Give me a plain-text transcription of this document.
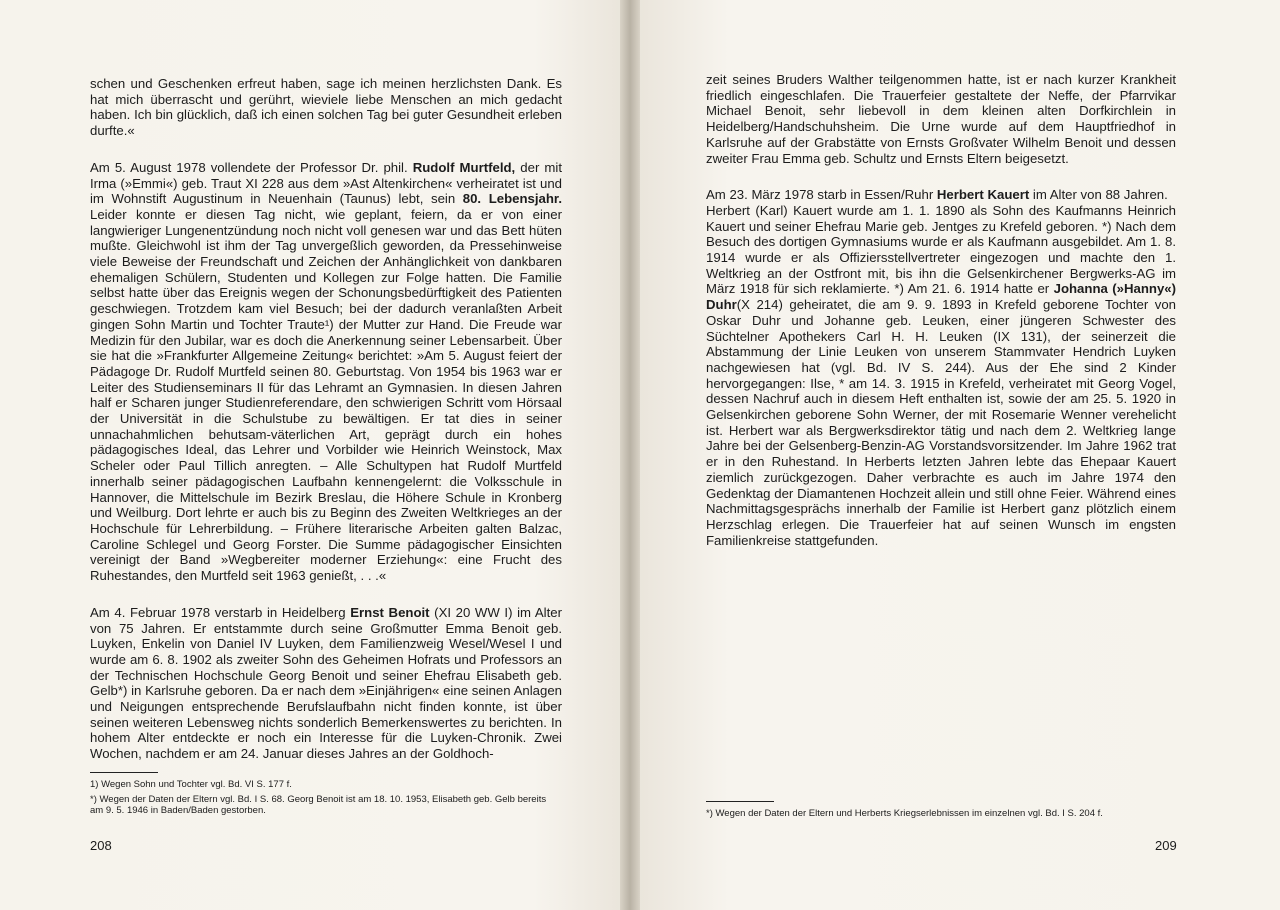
schen und Geschenken erfreut haben, sage ich meinen herzlichsten Dank. Es hat mich überrascht und gerührt, wieviele liebe Menschen an mich gedacht haben. Ich bin glücklich, daß ich einen solchen Tag bei guter Gesundheit erleben durfte.«

Am 5. August 1978 vollendete der Professor Dr. phil. Rudolf Murtfeld, der mit Irma (»Emmi«) geb. Traut XI 228 aus dem »Ast Altenkirchen« verheiratet ist und im Wohnstift Augustinum in Neuenhain (Taunus) lebt, sein 80. Lebensjahr. Leider konnte er diesen Tag nicht, wie geplant, feiern, da er von einer langwieriger Lungenentzündung noch nicht voll genesen war und das Bett hüten mußte. Gleichwohl ist ihm der Tag unvergeßlich geworden, da Pressehinweise viele Beweise der Freundschaft und Zeichen der Anhänglichkeit von dankbaren ehemaligen Schülern, Studenten und Kollegen zur Folge hatten. Die Familie selbst hatte über das Ereignis wegen der Schonungsbedürftigkeit des Patienten geschwiegen. Trotzdem kam viel Besuch; bei der dadurch veranlaßten Arbeit gingen Sohn Martin und Tochter Traute¹) der Mutter zur Hand. Die Freude war Medizin für den Jubilar, war es doch die Anerkennung seiner Lebensarbeit. Über sie hat die »Frankfurter Allgemeine Zeitung« berichtet: »Am 5. August feiert der Pädagoge Dr. Rudolf Murtfeld seinen 80. Geburtstag. Von 1954 bis 1963 war er Leiter des Studienseminars II für das Lehramt an Gymnasien. In diesen Jahren half er Scharen junger Studienreferendare, den schwierigen Schritt vom Hörsaal der Universität in die Schulstube zu bewältigen. Er tat dies in seiner unnachahmlichen behutsam-väterlichen Art, geprägt durch ein hohes pädagogisches Ideal, das Lehrer und Vorbilder wie Heinrich Weinstock, Max Scheler oder Paul Tillich anregten. – Alle Schultypen hat Rudolf Murtfeld innerhalb seiner pädagogischen Laufbahn kennengelernt: die Volksschule in Hannover, die Mittelschule im Bezirk Breslau, die Höhere Schule in Kronberg und Weilburg. Dort lehrte er auch bis zu Beginn des Zweiten Weltkrieges an der Hochschule für Lehrerbildung. – Frühere literarische Arbeiten galten Balzac, Caroline Schlegel und Georg Forster. Die Summe pädagogischer Einsichten vereinigt der Band »Wegbereiter moderner Erziehung«: eine Frucht des Ruhestandes, den Murtfeld seit 1963 genießt, . . .«

Am 4. Februar 1978 verstarb in Heidelberg Ernst Benoit (XI 20 WW I) im Alter von 75 Jahren. Er entstammte durch seine Großmutter Emma Benoit geb. Luyken, Enkelin von Daniel IV Luyken, dem Familienzweig Wesel/Wesel I und wurde am 6. 8. 1902 als zweiter Sohn des Geheimen Hofrats und Professors an der Technischen Hochschule Georg Benoit und seiner Ehefrau Elisabeth geb. Gelb*) in Karlsruhe geboren. Da er nach dem »Einjährigen« eine seinen Anlagen und Neigungen entsprechende Berufslaufbahn nicht finden konnte, ist über seinen weiteren Lebensweg nichts sonderlich Bemerkenswertes zu berichten. In hohem Alter entdeckte er noch ein Interesse für die Luyken-Chronik. Zwei Wochen, nachdem er am 24. Januar dieses Jahres an der Goldhoch-

1) Wegen Sohn und Tochter vgl. Bd. VI S. 177 f.

*) Wegen der Daten der Eltern vgl. Bd. I S. 68. Georg Benoit ist am 18. 10. 1953, Elisabeth geb. Gelb bereits am 9. 5. 1946 in Baden/Baden gestorben.

208

zeit seines Bruders Walther teilgenommen hatte, ist er nach kurzer Krankheit friedlich eingeschlafen. Die Trauerfeier gestaltete der Neffe, der Pfarrvikar Michael Benoit, sehr liebevoll in dem kleinen alten Dorfkirchlein in Heidelberg/Handschuhsheim. Die Urne wurde auf dem Hauptfriedhof in Karlsruhe auf der Grabstätte von Ernsts Großvater Wilhelm Benoit und dessen zweiter Frau Emma geb. Schultz und Ernsts Eltern beigesetzt.

Am 23. März 1978 starb in Essen/Ruhr Herbert Kauert im Alter von 88 Jahren.

Herbert (Karl) Kauert wurde am 1. 1. 1890 als Sohn des Kaufmanns Heinrich Kauert und seiner Ehefrau Marie geb. Jentges zu Krefeld geboren. *) Nach dem Besuch des dortigen Gymnasiums wurde er als Kaufmann ausgebildet. Am 1. 8. 1914 wurde er als Offiziersstellvertreter eingezogen und machte den 1. Weltkrieg an der Ostfront mit, bis ihn die Gelsenkirchener Bergwerks-AG im März 1918 für sich reklamierte. *) Am 21. 6. 1914 hatte er Johanna (»Hanny«) Duhr(X 214) geheiratet, die am 9. 9. 1893 in Krefeld geborene Tochter von Oskar Duhr und Johanne geb. Leuken, einer jüngeren Schwester des Süchtelner Apothekers Carl H. H. Leuken (IX 131), der seinerzeit die Abstammung der Linie Leuken von unserem Stammvater Hendrich Luyken nachgewiesen hat (vgl. Bd. IV S. 244). Aus der Ehe sind 2 Kinder hervorgegangen: Ilse, * am 14. 3. 1915 in Krefeld, verheiratet mit Georg Vogel, dessen Nachruf auch in diesem Heft enthalten ist, sowie der am 25. 5. 1920 in Gelsenkirchen geborene Sohn Werner, der mit Rosemarie Wenner verehelicht ist. Herbert war als Bergwerksdirektor tätig und nach dem 2. Weltkrieg lange Jahre bei der Gelsenberg-Benzin-AG Vorstandsvorsitzender. Im Jahre 1962 trat er in den Ruhestand. In Herberts letzten Jahren lebte das Ehepaar Kauert ziemlich zurückgezogen. Daher verbrachte es auch im Jahre 1974 den Gedenktag der Diamantenen Hochzeit allein und still ohne Feier. Während eines Nachmittagsgesprächs innerhalb der Familie ist Herbert ganz plötzlich einem Herzschlag erlegen. Die Trauerfeier hat auf seinen Wunsch im engsten Familienkreise stattgefunden.

*) Wegen der Daten der Eltern und Herberts Kriegserlebnissen im einzelnen vgl. Bd. I S. 204 f.

209
